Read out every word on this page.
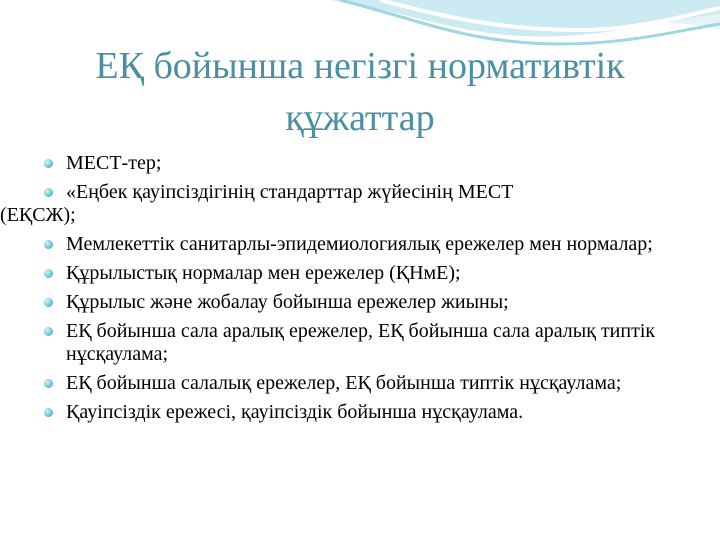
ЕҚ бойынша негізгі нормативтік
құжаттар
МЕСТ-тер;
«Еңбек қауіпсіздігінің стандарттар жүйесінің МЕСТ
(ЕҚСЖ);
Мемлекеттік санитарлы-эпидемиологиялық ережелер мен нормалар;
Құрылыстық нормалар мен ережелер (ҚНмЕ);
Құрылыс және жобалау бойынша ережелер жиыны;
ЕҚ бойынша сала аралық ережелер, ЕҚ бойынша сала аралық типтік нұсқаулама;
ЕҚ бойынша салалық ережелер, ЕҚ бойынша типтік нұсқаулама;
Қауіпсіздік ережесі, қауіпсіздік бойынша нұсқаулама.
